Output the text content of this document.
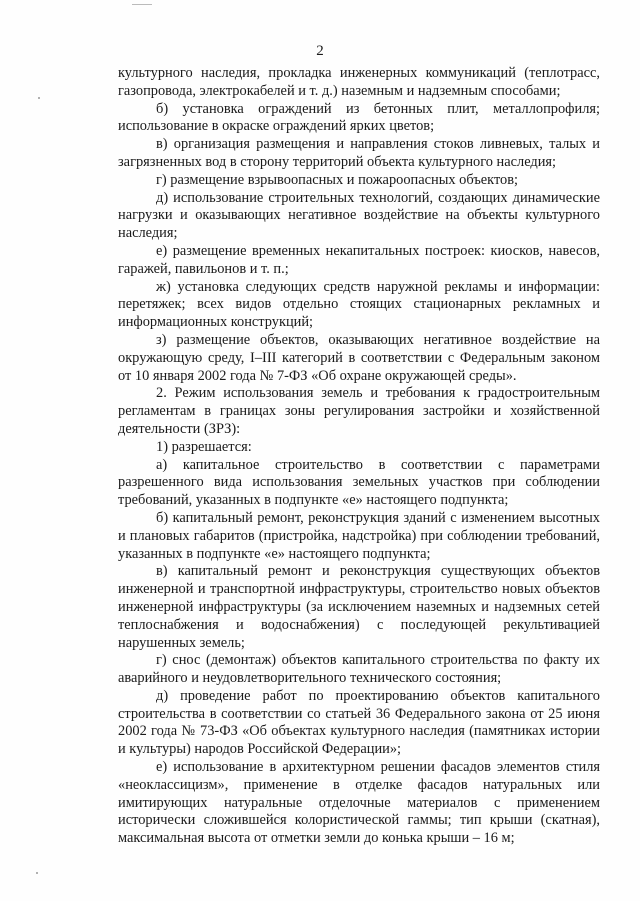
2
культурного наследия, прокладка инженерных коммуникаций (теплотрасс,
газопровода, электрокабелей и т. д.) наземным и надземным способами;
б) установка ограждений из бетонных плит, металлопрофиля;
использование в окраске ограждений ярких цветов;
в) организация размещения и направления стоков ливневых, талых и
загрязненных вод в сторону территорий объекта культурного наследия;
г) размещение взрывоопасных и пожароопасных объектов;
д) использование строительных технологий, создающих динамические
нагрузки и оказывающих негативное воздействие на объекты культурного
наследия;
е) размещение временных некапитальных построек: киосков, навесов,
гаражей, павильонов и т. п.;
ж) установка следующих средств наружной рекламы и информации:
перетяжек; всех видов отдельно стоящих стационарных рекламных и
информационных конструкций;
з) размещение объектов, оказывающих негативное воздействие на
окружающую среду, I–III категорий в соответствии с Федеральным законом
от 10 января 2002 года № 7-ФЗ «Об охране окружающей среды».
2. Режим использования земель и требования к градостроительным
регламентам в границах зоны регулирования застройки и хозяйственной
деятельности (ЗРЗ):
1) разрешается:
а) капитальное строительство в соответствии с параметрами
разрешенного вида использования земельных участков при соблюдении
требований, указанных в подпункте «е» настоящего подпункта;
б) капитальный ремонт, реконструкция зданий с изменением высотных
и плановых габаритов (пристройка, надстройка) при соблюдении требований,
указанных в подпункте «е» настоящего подпункта;
в) капитальный ремонт и реконструкция существующих объектов
инженерной и транспортной инфраструктуры, строительство новых объектов
инженерной инфраструктуры (за исключением наземных и надземных сетей
теплоснабжения и водоснабжения) с последующей рекультивацией
нарушенных земель;
г) снос (демонтаж) объектов капитального строительства по факту их
аварийного и неудовлетворительного технического состояния;
д) проведение работ по проектированию объектов капитального
строительства в соответствии со статьей 36 Федерального закона от 25 июня
2002 года № 73-ФЗ «Об объектах культурного наследия (памятниках истории
и культуры) народов Российской Федерации»;
е) использование в архитектурном решении фасадов элементов стиля
«неоклассицизм», применение в отделке фасадов натуральных или
имитирующих натуральные отделочные материалов с применением
исторически сложившейся колористической гаммы; тип крыши (скатная),
максимальная высота от отметки земли до конька крыши – 16 м;
